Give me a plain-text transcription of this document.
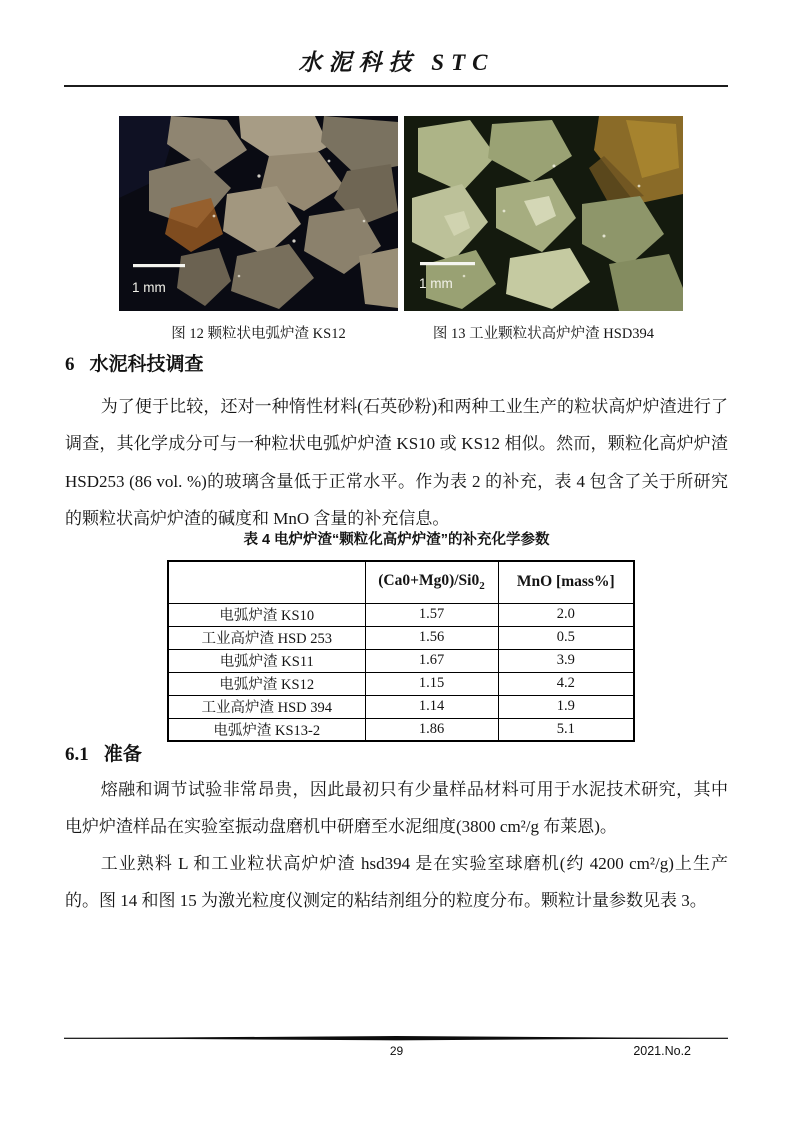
水泥科技 STC
1 mm
图 12 颗粒状电弧炉渣 KS12
1 mm
图 13 工业颗粒状高炉炉渣 HSD394
6 水泥科技调查

为了便于比较，还对一种惰性材料(石英砂粉)和两种工业生产的粒状高炉炉渣进行了调查，其化学成分可与一种粒状电弧炉炉渣 KS10 或 KS12 相似。然而，颗粒化高炉炉渣 HSD253 (86 vol. %)的玻璃含量低于正常水平。作为表 2 的补充，表 4 包含了关于所研究的颗粒状高炉炉渣的碱度和 MnO 含量的补充信息。

表 4 电炉炉渣“颗粒化高炉炉渣”的补充化学参数
	$(Ca0+Mg0)/Si0_2$	MnO [mass%]
电弧炉渣 KS10	1.57	2.0
工业高炉渣 HSD 253	1.56	0.5
电弧炉渣 KS11	1.67	3.9
电弧炉渣 KS12	1.15	4.2
工业高炉渣 HSD 394	1.14	1.9
电弧炉渣 KS13-2	1.86	5.1
6.1 准备

熔融和调节试验非常昂贵，因此最初只有少量样品材料可用于水泥技术研究，其中电炉炉渣样品在实验室振动盘磨机中研磨至水泥细度(3800 cm²/g 布莱恩)。

工业熟料 L 和工业粒状高炉炉渣 hsd394 是在实验室球磨机(约 4200 cm²/g)上生产的。图 14 和图 15 为激光粒度仪测定的粘结剂组分的粒度分布。颗粒计量参数见表 3。

29	2021.No.2
